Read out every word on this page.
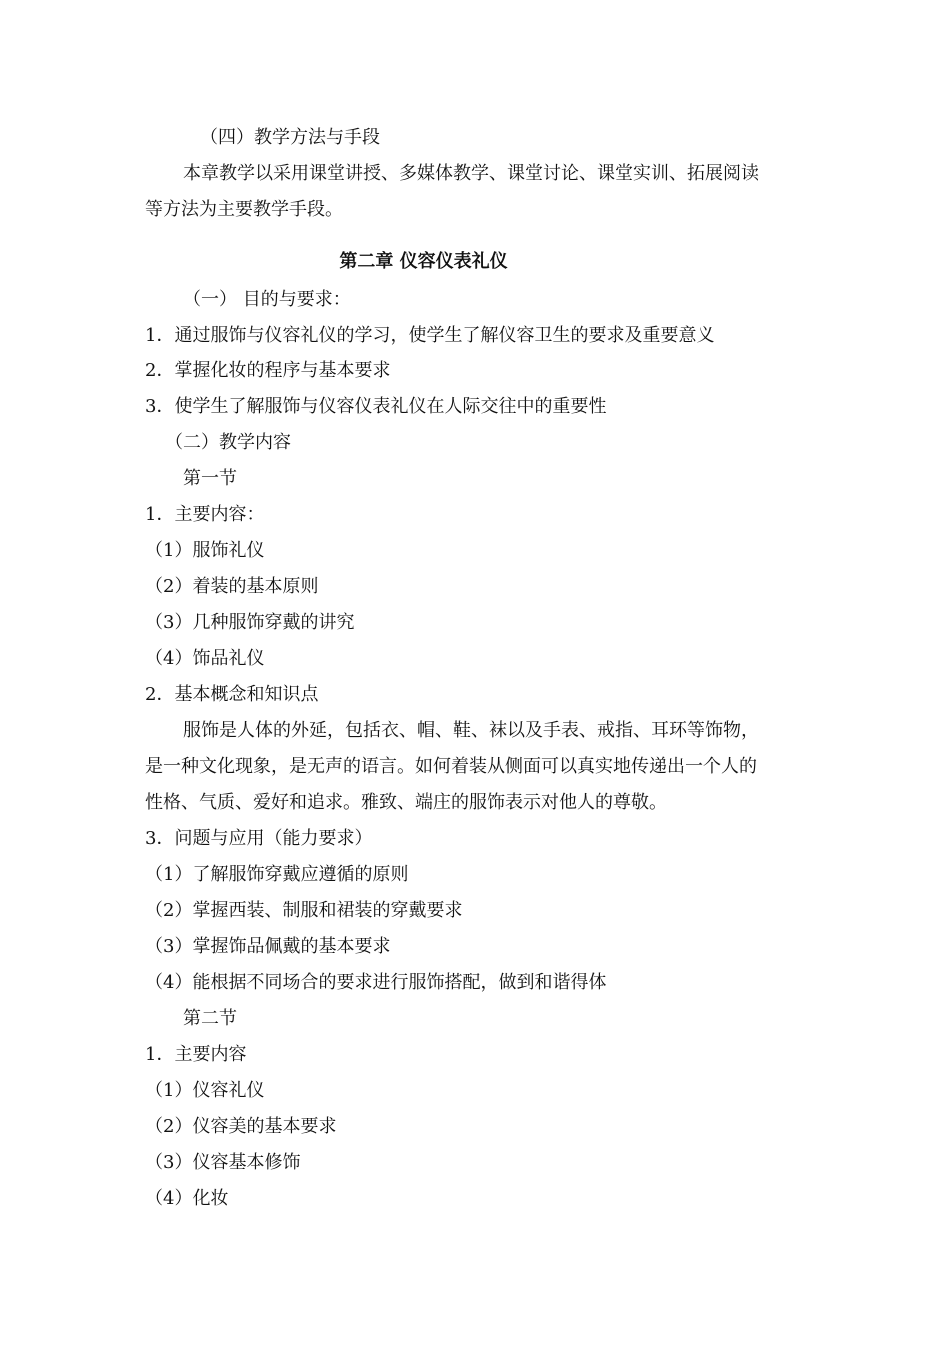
（四）教学方法与手段
本章教学以采用课堂讲授、多媒体教学、课堂讨论、课堂实训、拓展阅读
等方法为主要教学手段。
第二章 仪容仪表礼仪
（一） 目的与要求：
1．通过服饰与仪容礼仪的学习，使学生了解仪容卫生的要求及重要意义
2．掌握化妆的程序与基本要求
3．使学生了解服饰与仪容仪表礼仪在人际交往中的重要性
（二）教学内容
第一节
1．主要内容：
（1）服饰礼仪
（2）着装的基本原则
（3）几种服饰穿戴的讲究
（4）饰品礼仪
2．基本概念和知识点
服饰是人体的外延，包括衣、帽、鞋、袜以及手表、戒指、耳环等饰物，
是一种文化现象，是无声的语言。如何着装从侧面可以真实地传递出一个人的
性格、气质、爱好和追求。雅致、端庄的服饰表示对他人的尊敬。
3．问题与应用（能力要求）
（1）了解服饰穿戴应遵循的原则
（2）掌握西装、制服和裙装的穿戴要求
（3）掌握饰品佩戴的基本要求
（4）能根据不同场合的要求进行服饰搭配，做到和谐得体
第二节
1．主要内容
（1）仪容礼仪
（2）仪容美的基本要求
（3）仪容基本修饰
（4）化妆
